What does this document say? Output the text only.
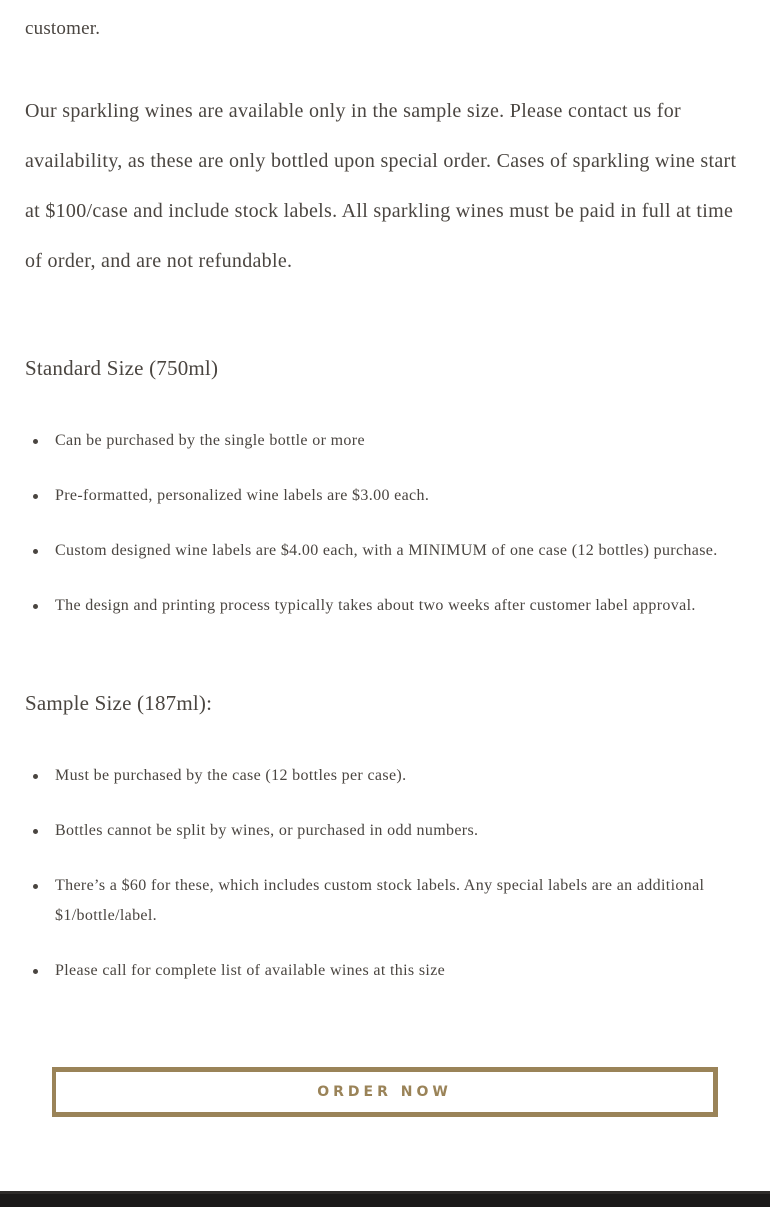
customer.

Our sparkling wines are available only in the sample size. Please contact us for availability, as these are only bottled upon special order. Cases of sparkling wine start at $100/case and include stock labels. All sparkling wines must be paid in full at time of order, and are not refundable.

Standard Size (750ml)
Can be purchased by the single bottle or more
Pre-formatted, personalized wine labels are $3.00 each.
Custom designed wine labels are $4.00 each, with a MINIMUM of one case (12 bottles) purchase.
The design and printing process typically takes about two weeks after customer label approval.
Sample Size (187ml):
Must be purchased by the case (12 bottles per case).
Bottles cannot be split by wines, or purchased in odd numbers.
There’s a $60 for these, which includes custom stock labels. Any special labels are an additional $1/bottle/label.
Please call for complete list of available wines at this size
ORDER NOW
